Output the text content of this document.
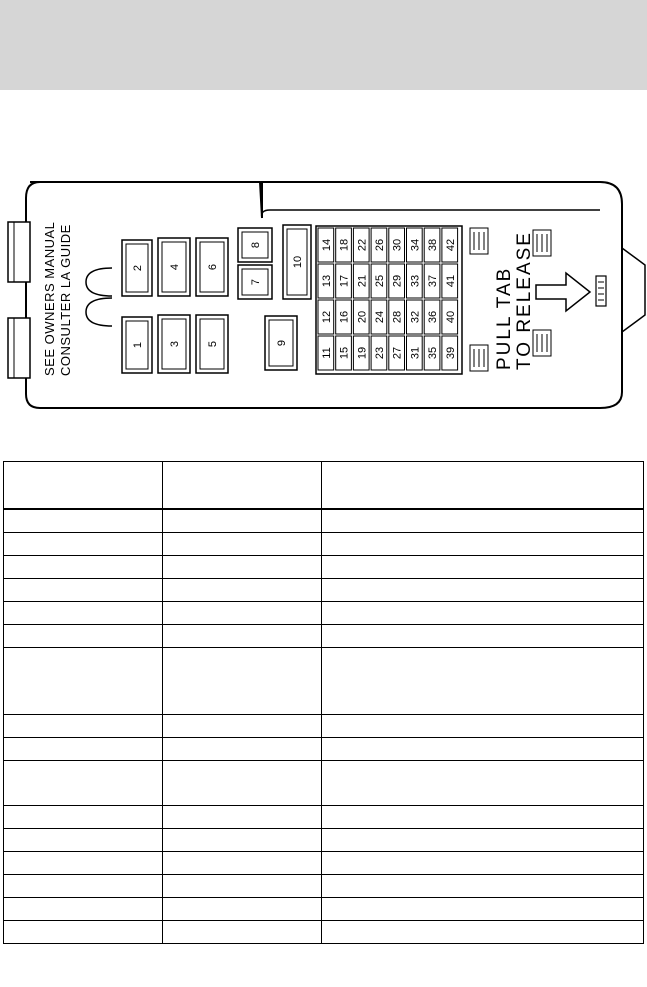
SEE OWNERS MANUAL CONSULTER LA GUIDE	1
2
3
4
5
6
7
8
9
10
11
12
13
14
15
16
17
18
19
20
21
22
23
24
25
26
27
28
29
30
31
32
33
34
35
36
37
38
39
40
41
42
PULL TAB TO RELEASE
